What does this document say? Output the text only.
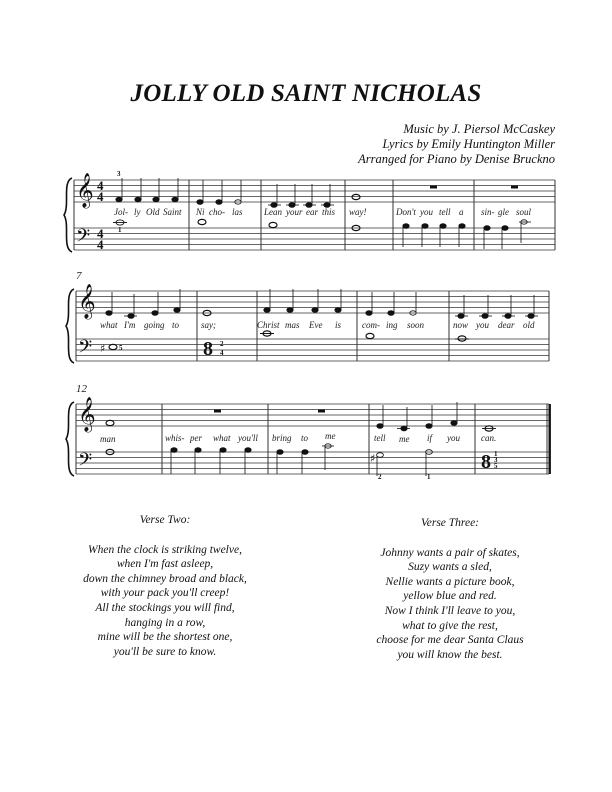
JOLLY OLD SAINT NICHOLAS
Music by J. Piersol McCaskey
Lyrics by Emily Huntington Miller
Arranged for Piano by Denise Bruckno
𝄞
𝄢
4
4
4
4
3
1
Jol- ly Old Saint Ni cho- las Lean your ear this way!	Don't you tell a sin- gle soul
7
𝄞
𝄢 ♯ 5	8 2
4
what I'm going to say;	Christ mas Eve is com- ing soon	now you dear old
12
𝄞
𝄢	♯
2	1
8 1
3
5
man	whis- per what you'll bring to me	tell me if you can.
Verse Two:
When the clock is striking twelve,
when I'm fast asleep,
down the chimney broad and black,
with your pack you'll creep!
All the stockings you will find,
hanging in a row,
mine will be the shortest one,
you'll be sure to know.
Verse Three:
Johnny wants a pair of skates,
Suzy wants a sled,
Nellie wants a picture book,
yellow blue and red.
Now I think I'll leave to you,
what to give the rest,
choose for me dear Santa Claus
you will know the best.
